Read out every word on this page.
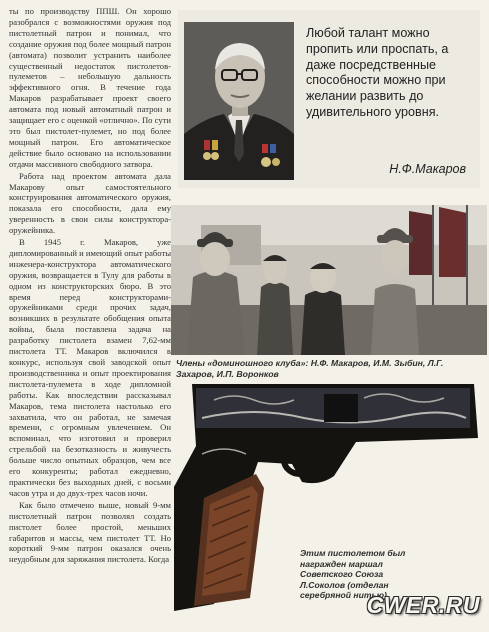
ты по производству ППШ. Он хорошо разобрался с возможностями оружия под пистолетный патрон и понимал, что создание оружия под более мощный патрон (автомата) позволит устранить наиболее существенный недостаток пистолетов-пулеметов – небольшую дальность эффективного огня. В течение года Макаров разрабатывает проект своего автомата под новый автоматный патрон и защищает его с оценкой «отлично». По сути это был пистолет-пулемет, но под более мощный патрон. Его автоматическое действие было основано на использовании отдачи массивного свободного затвора.

Работа над проектом автомата дала Макарову опыт самостоятельного конструирования автоматического оружия, показала его способности, дала ему уверенность в свои силы конструктора-оружейника.

В 1945 г. Макаров, уже дипломированный и имеющий опыт работы инженера-конструктора автоматического оружия, возвращается в Тулу для работы в одном из конструкторских бюро. В это время перед конструкторами-оружейниками среди прочих задач, возникших в результате обобщения опыта войны, была поставлена задача на разработку пистолета взамен 7,62-мм пистолета ТТ. Макаров включился в конкурс, используя свой заводской опыт производственника и опыт проектирования пистолета-пулемета в ходе дипломной работы. Как впоследствии рассказывал Макаров, тема пистолета настолько его захватила, что он работал, не замечая времени, с огромным увлечением. Он вспоминал, что изготовил и проверил стрельбой на безотказность и живучесть больше число опытных образцов, чем все его конкуренты; работал ежедневно, практически без выходных дней, с восьми часов утра и до двух-трех часов ночи.

Как было отмечено выше, новый 9-мм пистолетный патрон позволял создать пистолет более простой, меньших габаритов и массы, чем пистолет ТТ. Но короткий 9-мм патрон оказался очень неудобным для заряжания пистолета. Когда

Любой талант можно пропить или проспать, а даже посредственные способности можно при желании развить до удивительного уровня.

Н.Ф.Макаров

Члены «доминошного клуба»: Н.Ф. Макаров, И.М. Зыбин, Л.Г. Захаров, И.П. Воронков

Этим пистолетом был награжден маршал Советского Союза Л.Соколов (отделан серебряной нитью)

CWER.RU
